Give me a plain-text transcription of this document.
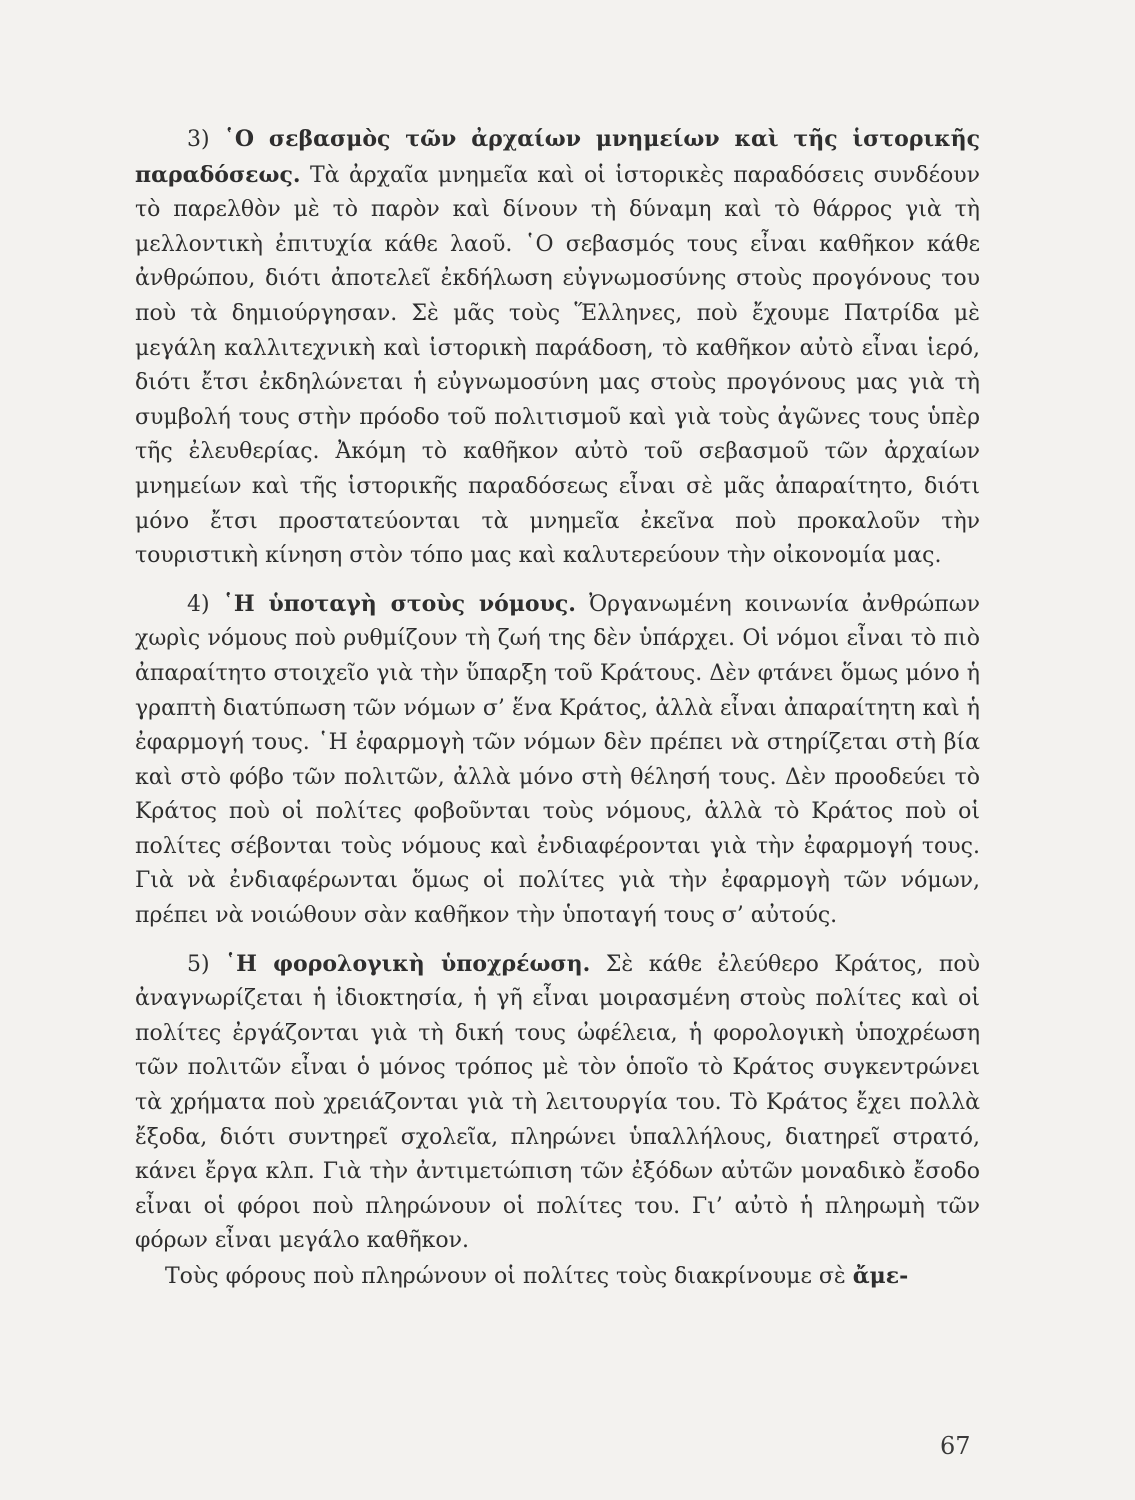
3) ῾Ο σεβασμὸς τῶν ἀρχαίων μνημείων καὶ τῆς ἱστορικῆς παραδόσεως. Τὰ ἀρχαῖα μνημεῖα καὶ οἱ ἱστορικὲς παραδόσεις συνδέουν τὸ παρελθὸν μὲ τὸ παρὸν καὶ δίνουν τὴ δύναμη καὶ τὸ θάρρος γιὰ τὴ μελλοντικὴ ἐπιτυχία κάθε λαοῦ. ῾Ο σεβασμός τους εἶναι καθῆκον κάθε ἀνθρώπου, διότι ἀποτελεῖ ἐκδήλωση εὐγνωμοσύνης στοὺς προγόνους του ποὺ τὰ δημιούργησαν. Σὲ μᾶς τοὺς Ἕλληνες, ποὺ ἔχουμε Πατρίδα μὲ μεγάλη καλλιτεχνικὴ καὶ ἱστορικὴ παράδοση, τὸ καθῆκον αὐτὸ εἶναι ἱερό, διότι ἔτσι ἐκδηλώνεται ἡ εὐγνωμοσύνη μας στοὺς προγόνους μας γιὰ τὴ συμβολή τους στὴν πρόοδο τοῦ πολιτισμοῦ καὶ γιὰ τοὺς ἀγῶνες τους ὑπὲρ τῆς ἐλευθερίας. Ἀκόμη τὸ καθῆκον αὐτὸ τοῦ σεβασμοῦ τῶν ἀρχαίων μνημείων καὶ τῆς ἱστορικῆς παραδόσεως εἶναι σὲ μᾶς ἀπαραίτητο, διότι μόνο ἔτσι προστατεύονται τὰ μνημεῖα ἐκεῖνα ποὺ προκαλοῦν τὴν τουριστικὴ κίνηση στὸν τόπο μας καὶ καλυτερεύουν τὴν οἰκονομία μας.

4) ῾Η ὑποταγὴ στοὺς νόμους. Ὀργανωμένη κοινωνία ἀνθρώπων χωρὶς νόμους ποὺ ρυθμίζουν τὴ ζωή της δὲν ὑπάρχει. Οἱ νόμοι εἶναι τὸ πιὸ ἀπαραίτητο στοιχεῖο γιὰ τὴν ὕπαρξη τοῦ Κράτους. Δὲν φτάνει ὅμως μόνο ἡ γραπτὴ διατύπωση τῶν νόμων σ’ ἕνα Κράτος, ἀλλὰ εἶναι ἀπαραίτητη καὶ ἡ ἐφαρμογή τους. ῾Η ἐφαρμογὴ τῶν νόμων δὲν πρέπει νὰ στηρίζεται στὴ βία καὶ στὸ φόβο τῶν πολιτῶν, ἀλλὰ μόνο στὴ θέλησή τους. Δὲν προοδεύει τὸ Κράτος ποὺ οἱ πολίτες φοβοῦνται τοὺς νόμους, ἀλλὰ τὸ Κράτος ποὺ οἱ πολίτες σέβονται τοὺς νόμους καὶ ἐνδιαφέρονται γιὰ τὴν ἐφαρμογή τους. Γιὰ νὰ ἐνδιαφέρωνται ὅμως οἱ πολίτες γιὰ τὴν ἐφαρμογὴ τῶν νόμων, πρέπει νὰ νοιώθουν σὰν καθῆκον τὴν ὑποταγή τους σ’ αὐτούς.

5) ῾Η φορολογικὴ ὑποχρέωση. Σὲ κάθε ἐλεύθερο Κράτος, ποὺ ἀναγνωρίζεται ἡ ἰδιοκτησία, ἡ γῆ εἶναι μοιρασμένη στοὺς πολίτες καὶ οἱ πολίτες ἐργάζονται γιὰ τὴ δική τους ὠφέλεια, ἡ φορολογικὴ ὑποχρέωση τῶν πολιτῶν εἶναι ὁ μόνος τρόπος μὲ τὸν ὁποῖο τὸ Κράτος συγκεντρώνει τὰ χρήματα ποὺ χρειάζονται γιὰ τὴ λειτουργία του. Τὸ Κράτος ἔχει πολλὰ ἔξοδα, διότι συντηρεῖ σχολεῖα, πληρώνει ὑπαλλήλους, διατηρεῖ στρατό, κάνει ἔργα κλπ. Γιὰ τὴν ἀντιμετώπιση τῶν ἐξόδων αὐτῶν μοναδικὸ ἔσοδο εἶναι οἱ φόροι ποὺ πληρώνουν οἱ πολίτες του. Γι’ αὐτὸ ἡ πληρωμὴ τῶν φόρων εἶναι μεγάλο καθῆκον.

Τοὺς φόρους ποὺ πληρώνουν οἱ πολίτες τοὺς διακρίνουμε σὲ ἄμε-

67
